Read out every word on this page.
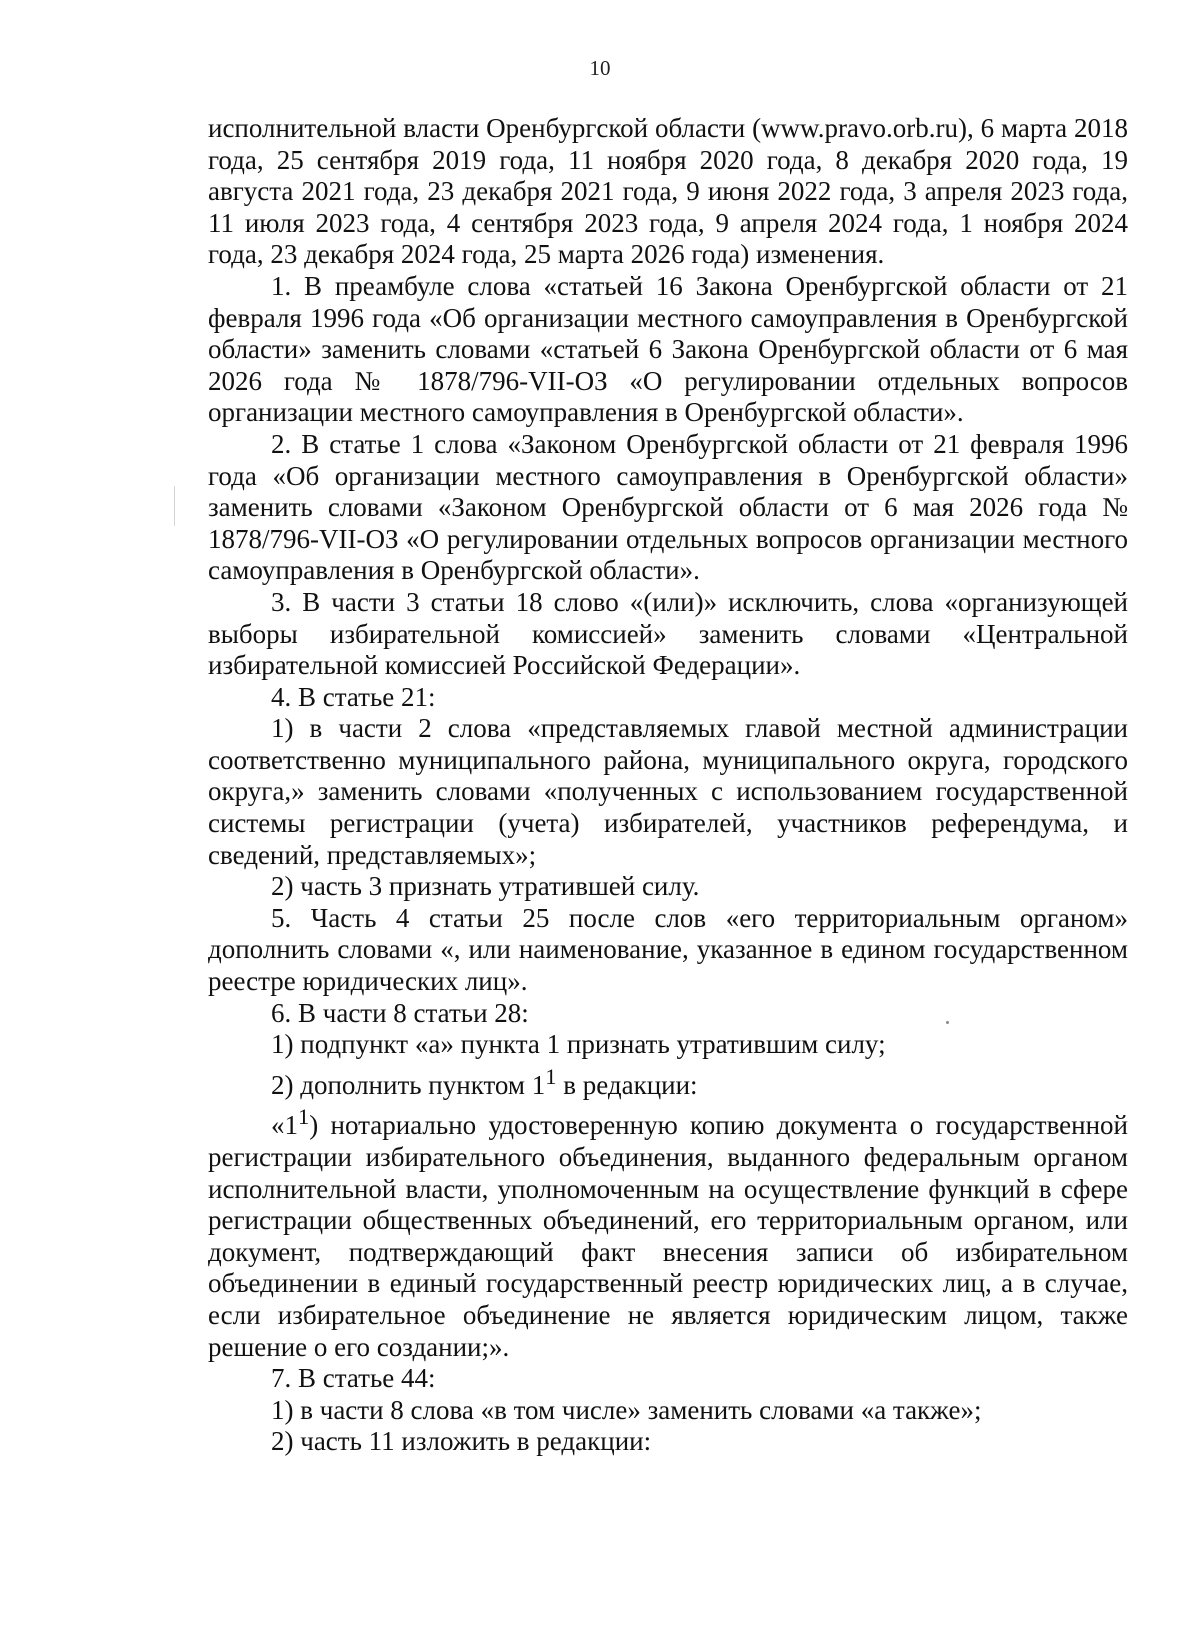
10

исполнительной власти Оренбургской области (www.pravo.orb.ru), 6 марта 2018 года, 25 сентября 2019 года, 11 ноября 2020 года, 8 декабря 2020 года, 19 августа 2021 года, 23 декабря 2021 года, 9 июня 2022 года, 3 апреля 2023 года, 11 июля 2023 года, 4 сентября 2023 года, 9 апреля 2024 года, 1 ноября 2024 года, 23 декабря 2024 года, 25 марта 2026 года) изменения.

1. В преамбуле слова «статьей 16 Закона Оренбургской области от 21 февраля 1996 года «Об организации местного самоуправления в Оренбургской области» заменить словами «статьей 6 Закона Оренбургской области от 6 мая 2026 года № 1878/796-VII-ОЗ «О регулировании отдельных вопросов организации местного самоуправления в Оренбургской области».

2. В статье 1 слова «Законом Оренбургской области от 21 февраля 1996 года «Об организации местного самоуправления в Оренбургской области» заменить словами «Законом Оренбургской области от 6 мая 2026 года № 1878/796-VII-ОЗ «О регулировании отдельных вопросов организации местного самоуправления в Оренбургской области».

3. В части 3 статьи 18 слово «(или)» исключить, слова «организующей выборы избирательной комиссией» заменить словами «Центральной избирательной комиссией Российской Федерации».

4. В статье 21:

1) в части 2 слова «представляемых главой местной администрации соответственно муниципального района, муниципального округа, городского округа,» заменить словами «полученных с использованием государственной системы регистрации (учета) избирателей, участников референдума, и сведений, представляемых»;

2) часть 3 признать утратившей силу.

5. Часть 4 статьи 25 после слов «его территориальным органом» дополнить словами «, или наименование, указанное в едином государственном реестре юридических лиц».

6. В части 8 статьи 28:

1) подпункт «а» пункта 1 признать утратившим силу;

2) дополнить пунктом $1^1$ в редакции:

«$1^1$) нотариально удостоверенную копию документа о государственной регистрации избирательного объединения, выданного федеральным органом исполнительной власти, уполномоченным на осуществление функций в сфере регистрации общественных объединений, его территориальным органом, или документ, подтверждающий факт внесения записи об избирательном объединении в единый государственный реестр юридических лиц, а в случае, если избирательное объединение не является юридическим лицом, также решение о его создании;».

7. В статье 44:

1) в части 8 слова «в том числе» заменить словами «а также»;

2) часть 11 изложить в редакции:
